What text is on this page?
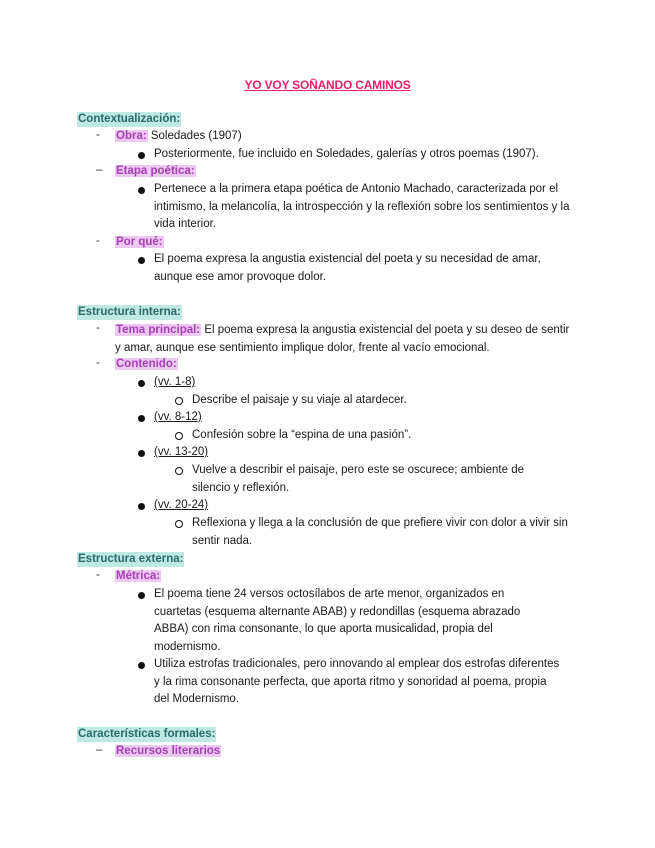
YO VOY SOÑANDO CAMINOS
Contextualización:
- Obra: Soledades (1907)
Posteriormente, fue incluido en Soledades, galerías y otros poemas (1907).
– Etapa poética:
Pertenece a la primera etapa poética de Antonio Machado, caracterizada por el intimismo, la melancolía, la introspección y la reflexión sobre los sentimientos y la vida interior.
- Por qué:
El poema expresa la angustia existencial del poeta y su necesidad de amar, aunque ese amor provoque dolor.
Estructura interna:
- Tema principal: El poema expresa la angustia existencial del poeta y su deseo de sentir y amar, aunque ese sentimiento implique dolor, frente al vacío emocional.
- Contenido:
(vv. 1-8)
Describe el paisaje y su viaje al atardecer.
(vv. 8-12)
Confesión sobre la “espina de una pasión”.
(vv. 13-20)
Vuelve a describir el paisaje, pero este se oscurece; ambiente de silencio y reflexión.
(vv. 20-24)
Reflexiona y llega a la conclusión de que prefiere vivir con dolor a vivir sin sentir nada.
Estructura externa:
- Métrica:
El poema tiene 24 versos octosílabos de arte menor, organizados en cuartetas (esquema alternante ABAB) y redondillas (esquema abrazado ABBA) con rima consonante, lo que aporta musicalidad, propia del modernismo.
Utiliza estrofas tradicionales, pero innovando al emplear dos estrofas diferentes y la rima consonante perfecta, que aporta ritmo y sonoridad al poema, propia del Modernismo.
Características formales:
– Recursos literarios
